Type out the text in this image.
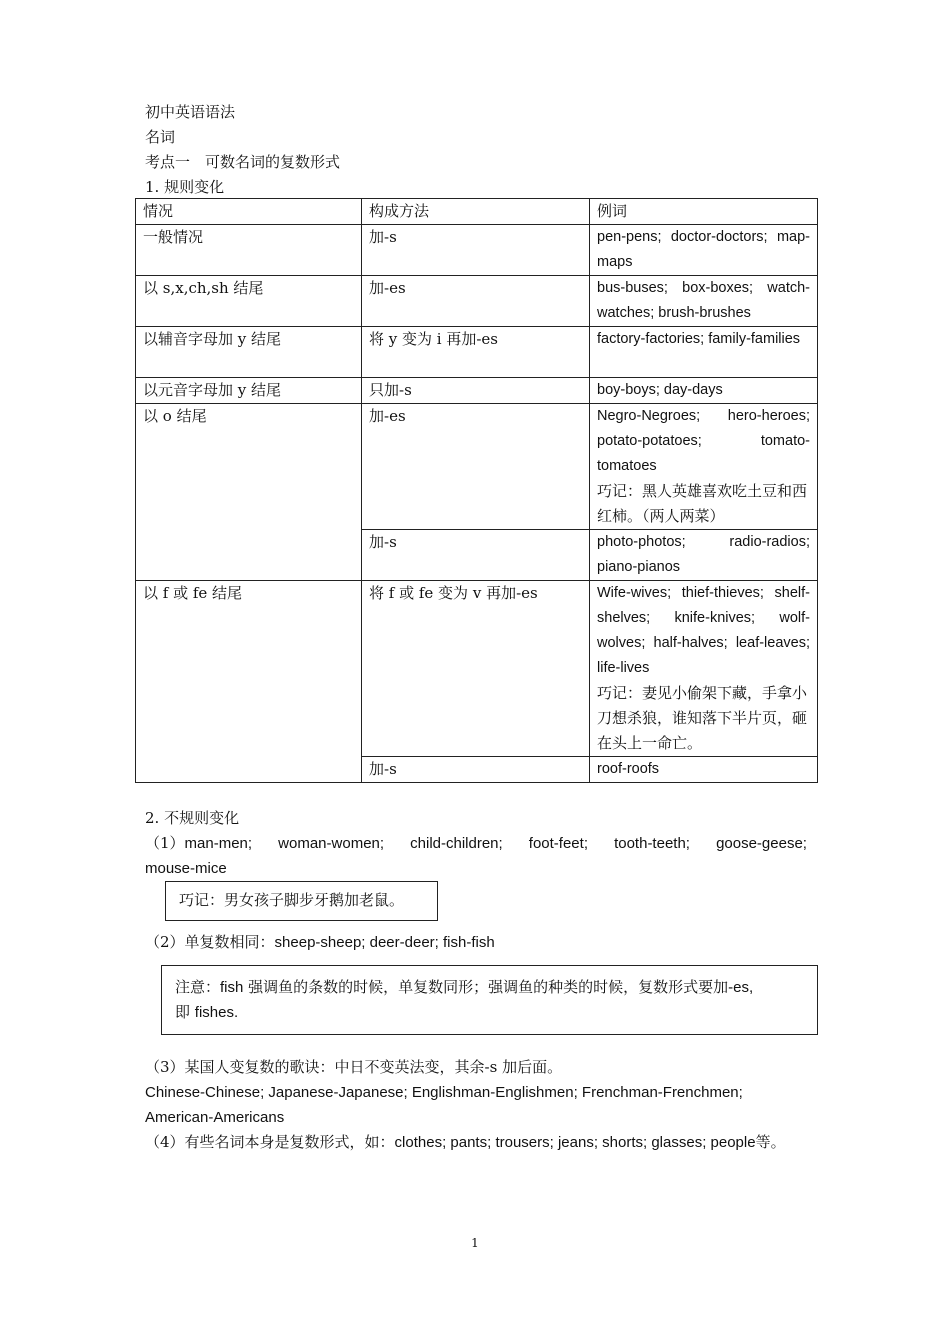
初中英语语法
名词
考点一　可数名词的复数形式
1. 规则变化
情况	构成方法	例词
一般情况	加-s	pen-pens; doctor-doctors; map-maps
以 s,x,ch,sh 结尾	加-es	bus-buses; box-boxes; watch-watches; brush-brushes
以辅音字母加 y 结尾	将 y 变为 i 再加-es	factory-factories; family-families
以元音字母加 y 结尾	只加-s	boy-boys; day-days
以 o 结尾	加-es	Negro-Negroes; hero-heroes; potato-potatoes; tomato-tomatoes
巧记：黑人英雄喜欢吃土豆和西红柿。（两人两菜）

	加-s	photo-photos; radio-radios; piano-pianos
以 f 或 fe 结尾	将 f 或 fe 变为 v 再加-es	Wife-wives; thief-thieves; shelf-shelves; knife-knives; wolf-wolves; half-halves; leaf-leaves; life-lives
巧记：妻见小偷架下藏，手拿小刀想杀狼，谁知落下半片页，砸在头上一命亡。

	加-s	roof-roofs
2. 不规则变化
（1）man-men; woman-women; child-children; foot-feet; tooth-teeth; goose-geese;
mouse-mice
巧记：男女孩子脚步牙鹅加老鼠。
（2）单复数相同：sheep-sheep; deer-deer; fish-fish
注意：fish 强调鱼的条数的时候，单复数同形；强调鱼的种类的时候，复数形式要加-es,
即 fishes.
（3）某国人变复数的歌诀：中日不变英法变，其余-s 加后面。
Chinese-Chinese; Japanese-Japanese; Englishman-Englishmen; Frenchman-Frenchmen;
American-Americans
（4）有些名词本身是复数形式，如：clothes; pants; trousers; jeans; shorts; glasses; people等。
1
